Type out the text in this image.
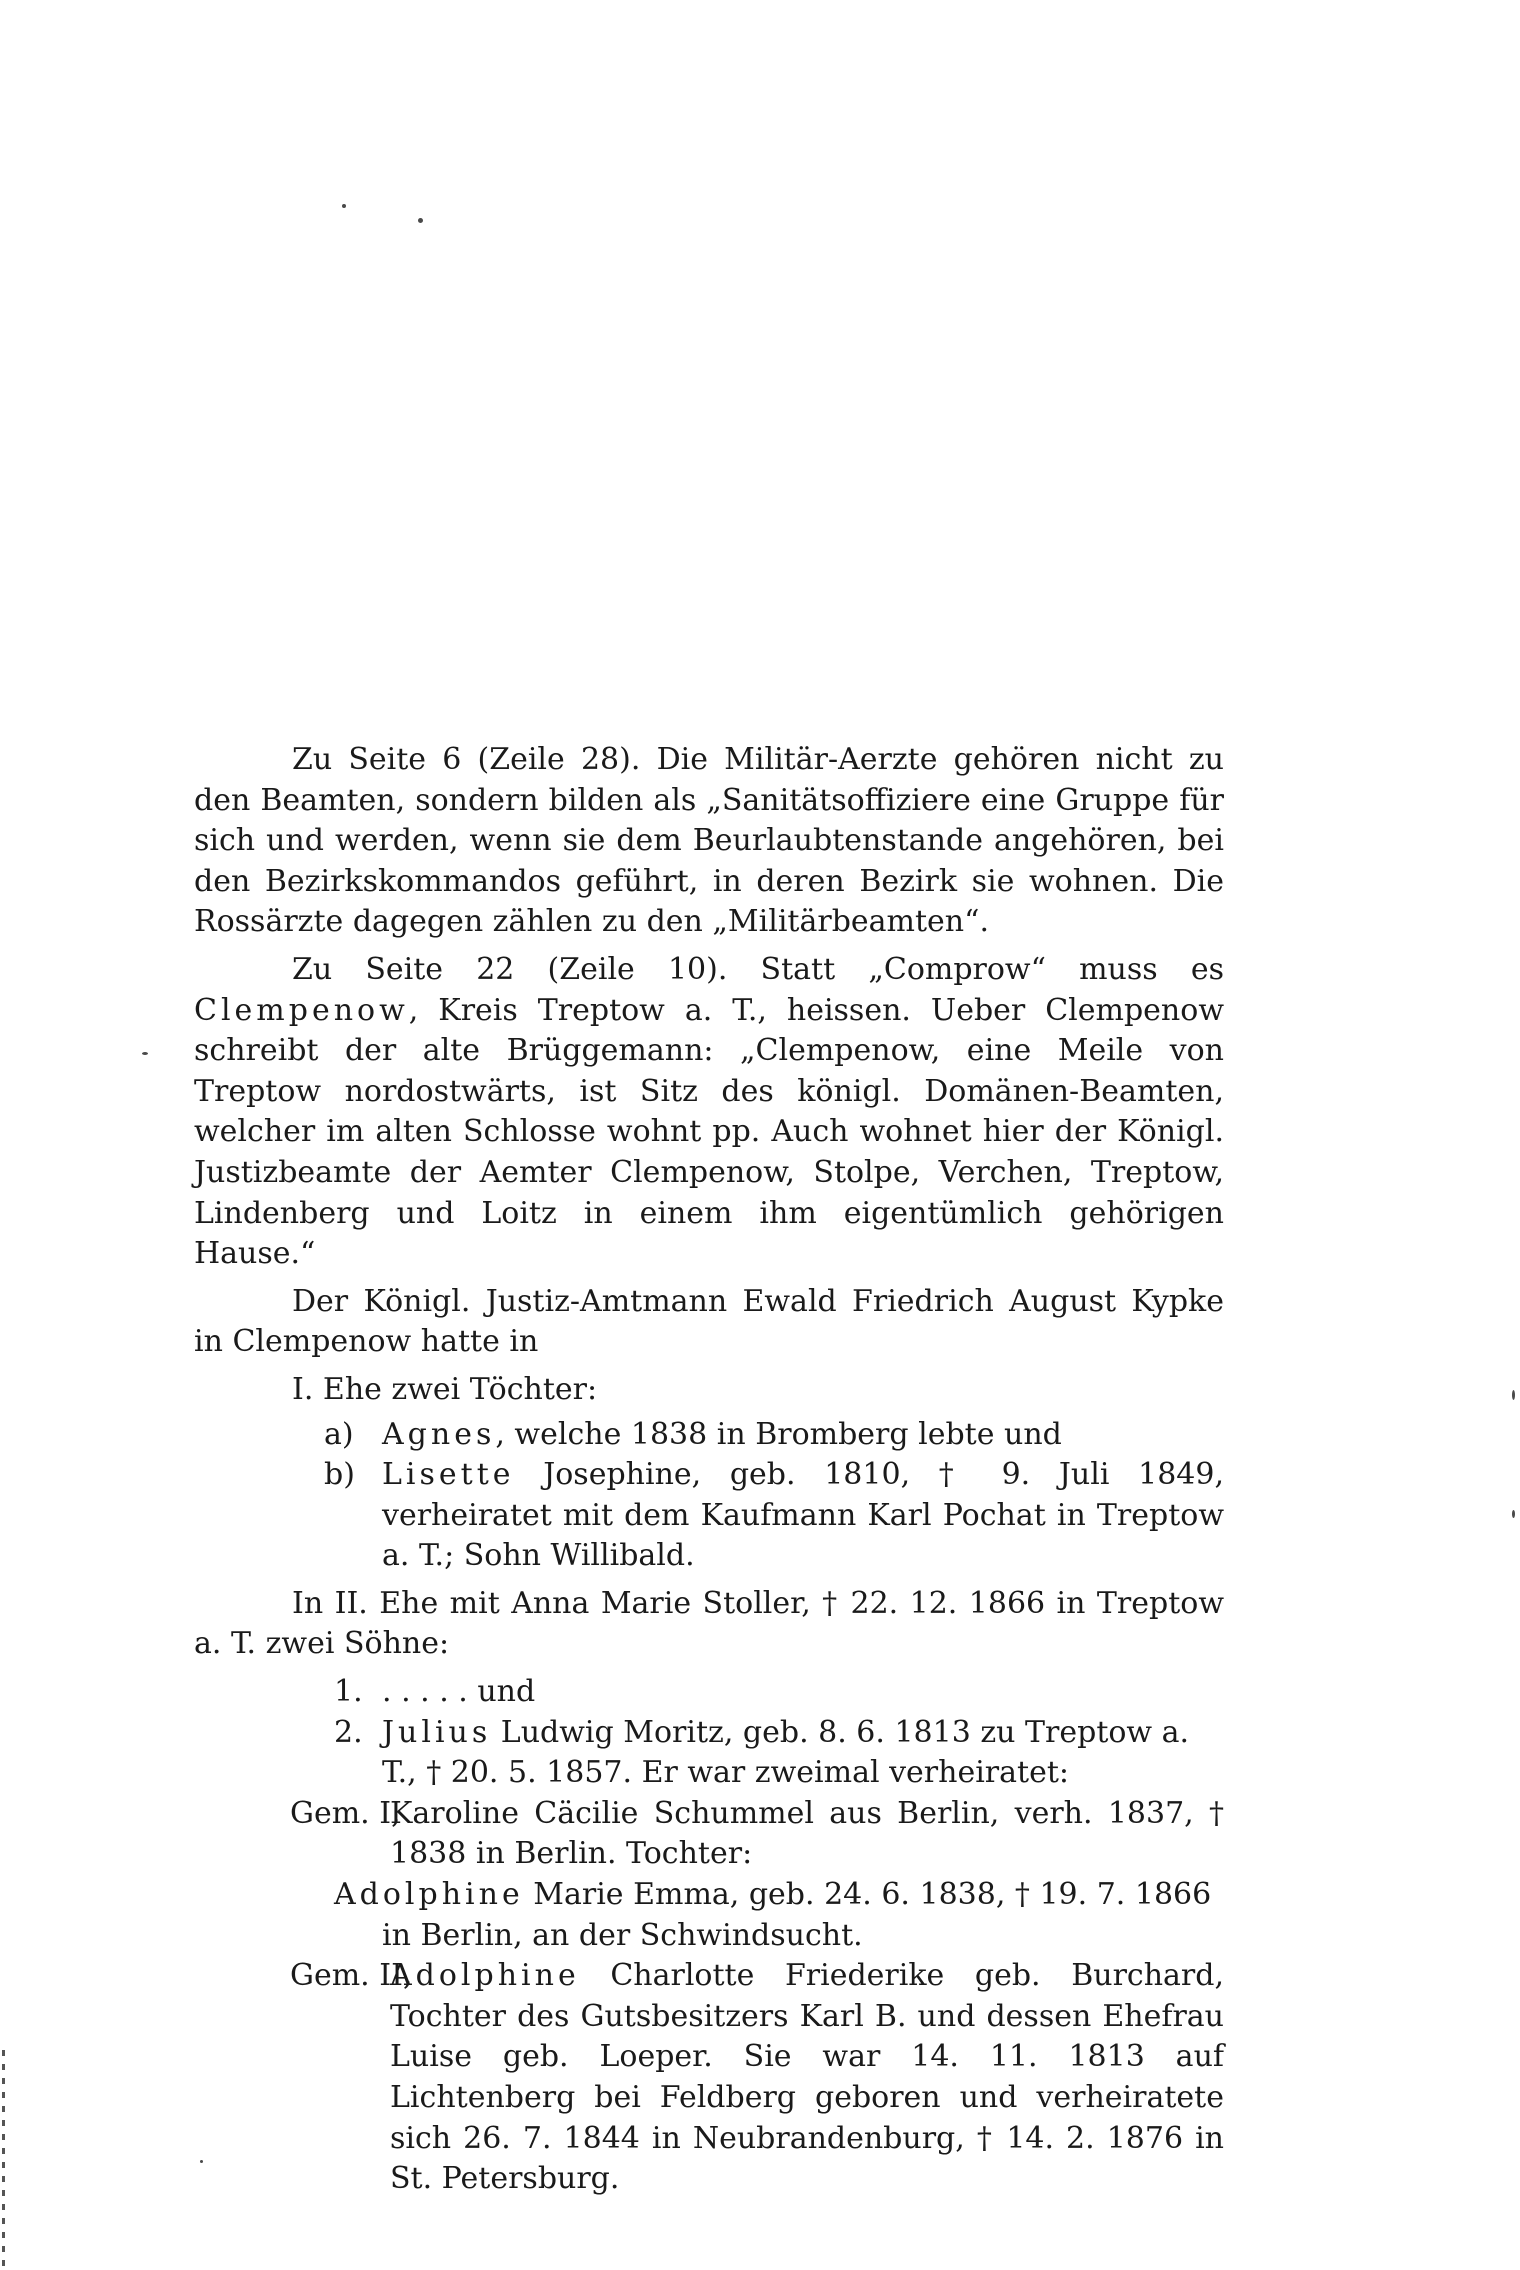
Zu Seite 6 (Zeile 28). Die Militär-Aerzte gehören nicht zu den Beamten, sondern bilden als „Sanitätsoffiziere eine Gruppe für sich und werden, wenn sie dem Beurlaubtenstande angehören, bei den Bezirkskommandos geführt, in deren Bezirk sie wohnen. Die Rossärzte dagegen zählen zu den „Militärbeamten“.

Zu Seite 22 (Zeile 10). Statt „Comprow“ muss es Clempenow, Kreis Treptow a. T., heissen. Ueber Clempenow schreibt der alte Brüggemann: „Clempenow, eine Meile von Treptow nordostwärts, ist Sitz des königl. Domänen-Beamten, welcher im alten Schlosse wohnt pp. Auch wohnet hier der Königl. Justizbeamte der Aemter Clempenow, Stolpe, Verchen, Treptow, Lindenberg und Loitz in einem ihm eigentümlich gehörigen Hause.“

Der Königl. Justiz-Amtmann Ewald Friedrich August Kypke in Clempenow hatte in

I. Ehe zwei Töchter:
a) Agnes, welche 1838 in Bromberg lebte und
b) Lisette Josephine, geb. 1810, † 9. Juli 1849, verheiratet mit dem Kaufmann Karl Pochat in Treptow a. T.; Sohn Willibald.

In II. Ehe mit Anna Marie Stoller, † 22. 12. 1866 in Treptow a. T. zwei Söhne:

1. . . . . . und
2. Julius Ludwig Moritz, geb. 8. 6. 1813 zu Treptow a. T., † 20. 5. 1857. Er war zweimal verheiratet:
Gem. I,
Karoline Cäcilie Schummel aus Berlin, verh. 1837, † 1838 in Berlin. Tochter:
Adolphine Marie Emma, geb. 24. 6. 1838, † 19. 7. 1866 in Berlin, an der Schwindsucht.
Gem. II,
Adolphine Charlotte Friederike geb. Burchard, Tochter des Gutsbesitzers Karl B. und dessen Ehefrau Luise geb. Loeper. Sie war 14. 11. 1813 auf Lichtenberg bei Feldberg geboren und verheiratete sich 26. 7. 1844 in Neubrandenburg, † 14. 2. 1876 in St. Petersburg.
